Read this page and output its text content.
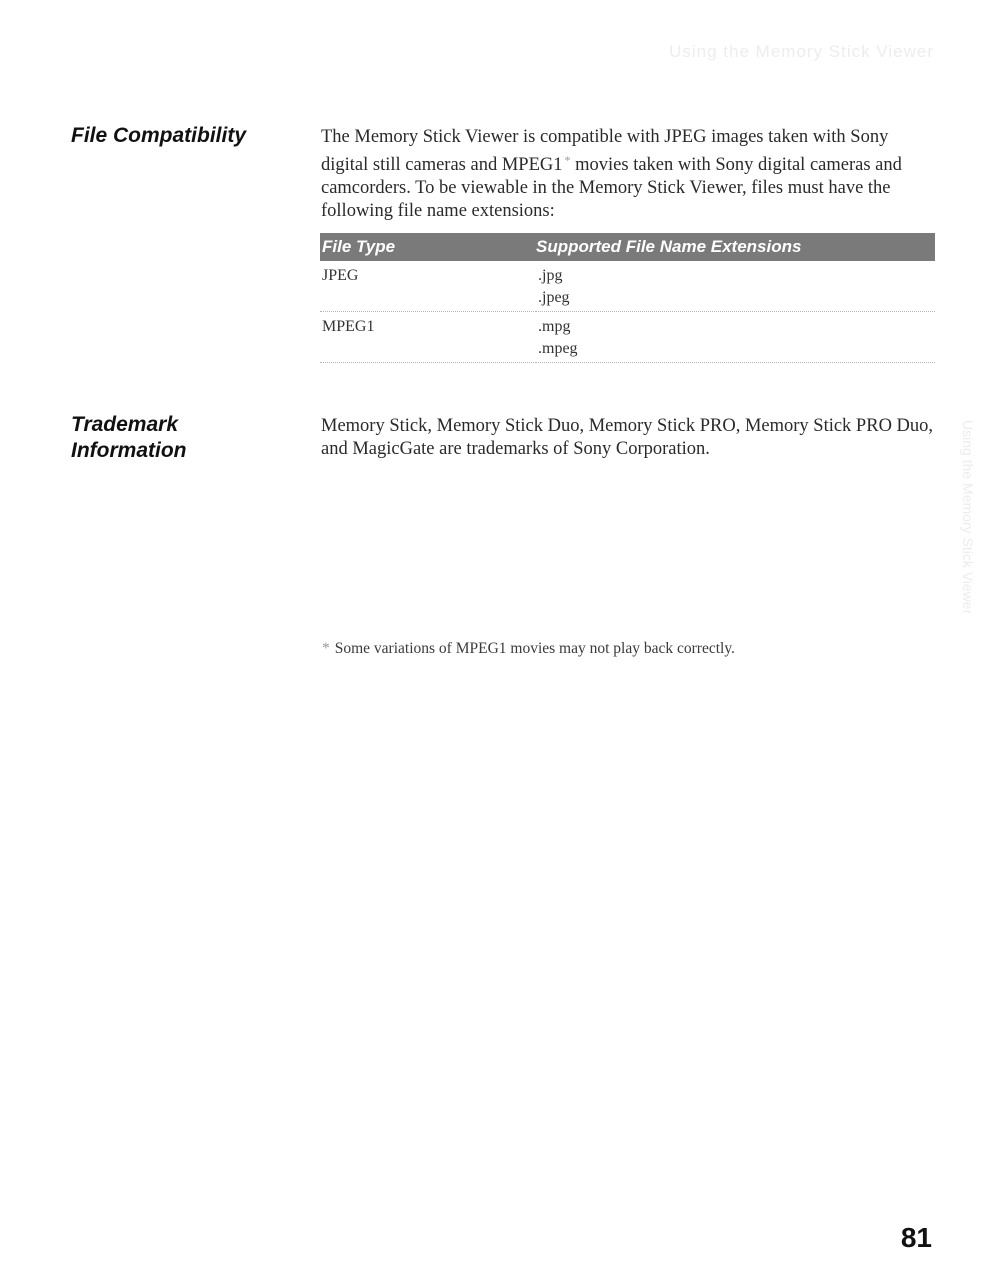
Using the Memory Stick Viewer
Using the Memory Stick Viewer
File Compatibility	The Memory Stick Viewer is compatible with JPEG images taken with Sony digital still cameras and MPEG1 * movies taken with Sony digital cameras and camcorders. To be viewable in the Memory Stick Viewer, files must have the following file name extensions:

File Type	Supported File Name Extensions
JPEG	.jpg
.jpeg

MPEG1	.mpg
.mpeg
Trademark
Information

Memory Stick, Memory Stick Duo, Memory Stick PRO, Memory Stick PRO Duo, and MagicGate are trademarks of Sony Corporation.

* Some variations of MPEG1 movies may not play back correctly.

81
